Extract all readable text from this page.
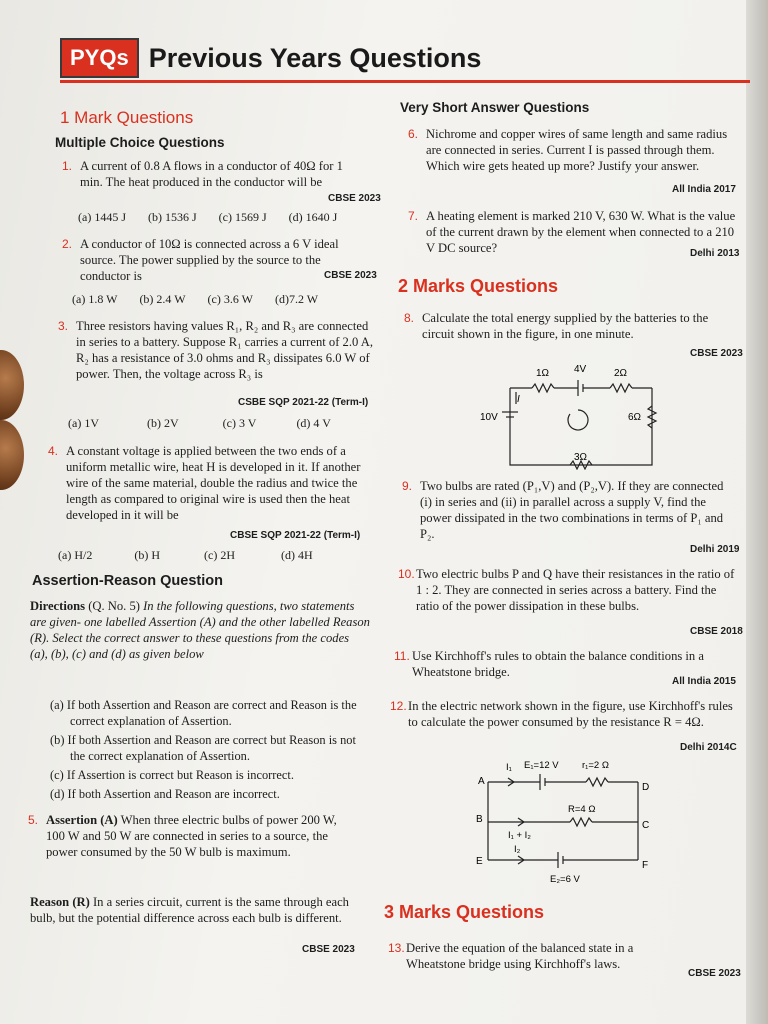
PYQs Previous Years Questions
1 Mark Questions
Multiple Choice Questions
1. A current of 0.8 A flows in a conductor of 40Ω for 1 min. The heat produced in the conductor will be
CBSE 2023
(a) 1445 J (b) 1536 J (c) 1569 J (d) 1640 J
2. A conductor of 10Ω is connected across a 6 V ideal source. The power supplied by the source to the conductor is	CBSE 2023
(a) 1.8 W (b) 2.4 W (c) 3.6 W (d)7.2 W
3. Three resistors having values R₁, R₂ and R₃ are connected in series to a battery. Suppose R₁ carries a current of 2.0 A, R₂ has a resistance of 3.0 ohms and R₃ dissipates 6.0 W of power. Then, the voltage across R₃ is
CSBE SQP 2021-22 (Term-I)
(a) 1V	(b) 2V	(c) 3 V	(d) 4 V
4. A constant voltage is applied between the two ends of a uniform metallic wire, heat H is developed in it. If another wire of the same material, double the radius and twice the length as compared to original wire is used then the heat developed in it will be
CBSE SQP 2021-22 (Term-I)
(a) H/2	(b) H	(c) 2H	(d) 4H
Assertion-Reason Question
Directions (Q. No. 5) In the following questions, two statements are given- one labelled Assertion (A) and the other labelled Reason (R). Select the correct answer to these questions from the codes (a), (b), (c) and (d) as given below
(a) If both Assertion and Reason are correct and Reason is the correct explanation of Assertion.
(b) If both Assertion and Reason are correct but Reason is not the correct explanation of Assertion.
(c) If Assertion is correct but Reason is incorrect.
(d) If both Assertion and Reason are incorrect.
5. Assertion (A) When three electric bulbs of power 200 W, 100 W and 50 W are connected in series to a source, the power consumed by the 50 W bulb is maximum.
Reason (R) In a series circuit, current is the same through each bulb, but the potential difference across each bulb is different.
CBSE 2023
Very Short Answer Questions
6. Nichrome and copper wires of same length and same radius are connected in series. Current I is passed through them. Which wire gets heated up more? Justify your answer.
All India 2017
7. A heating element is marked 210 V, 630 W. What is the value of the current drawn by the element when connected to a 210 V DC source?	Delhi 2013
2 Marks Questions
8. Calculate the total energy supplied by the batteries to the circuit shown in the figure, in one minute.
CBSE 2023
1Ω 4V	2Ω
10V	6Ω
3Ω
I
9. Two bulbs are rated (P₁,V) and (P₂,V). If they are connected (i) in series and (ii) in parallel across a supply V, find the power dissipated in the two combinations in terms of P₁ and P₂.
Delhi 2019
10. Two electric bulbs P and Q have their resistances in the ratio of 1 : 2. They are connected in series across a battery. Find the ratio of the power dissipation in these bulbs.
CBSE 2018
11. Use Kirchhoff's rules to obtain the balance conditions in a Wheatstone bridge.
All India 2015
12. In the electric network shown in the figure, use Kirchhoff's rules to calculate the power consumed by the resistance R = 4Ω.
Delhi 2014C
I₁ E₁=12 V r₁=2 Ω
A
D
B
C
R=4 Ω
I₁ + I₂
I₂
E	F
E₂=6 V
3 Marks Questions
13. Derive the equation of the balanced state in a Wheatstone bridge using Kirchhoff's laws.
CBSE 2023
